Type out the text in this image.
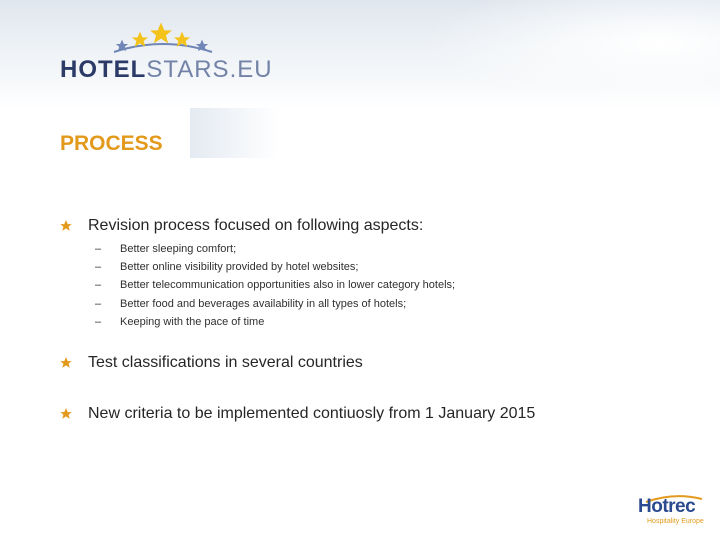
HOTELSTARS.EU
PROCESS
Revision process focused on following aspects:
–	Better sleeping comfort;
–	Better online visibility provided by hotel websites;
–	Better telecommunication opportunities also in lower category hotels;
–	Better food and beverages availability in all types of hotels;
–	Keeping with the pace of time
Test classifications in several countries
New criteria to be implemented contiuosly from 1 January 2015
Hotrec
Hospitality Europe
